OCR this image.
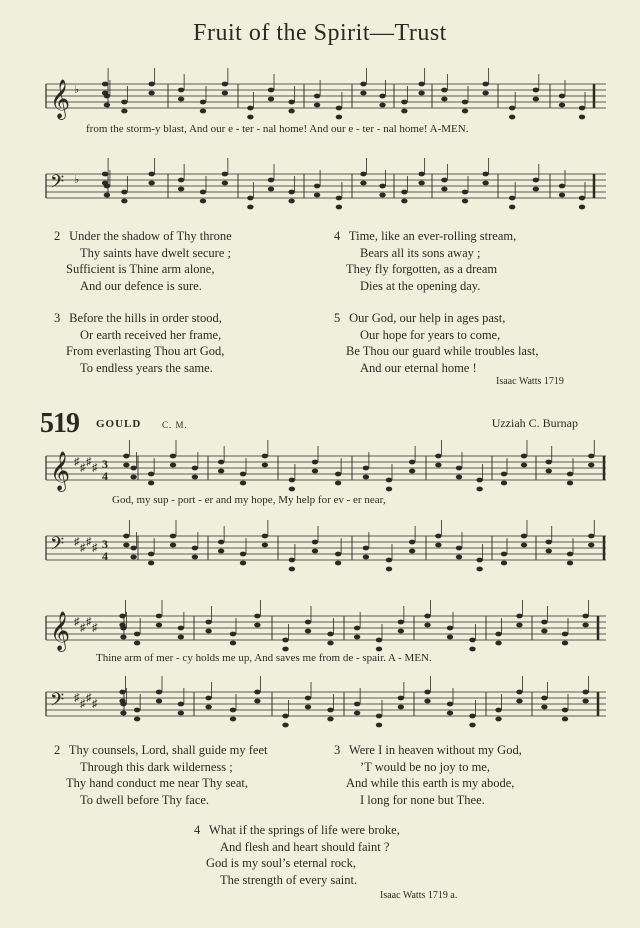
Fruit of the Spirit—Trust
𝄞 ♭
from the storm-y blast, And our e - ter - nal home! And our e - ter - nal home! A-MEN.
𝄢 ♭
2 Under the shadow of Thy throne
Thy saints have dwelt secure ;
Sufficient is Thine arm alone,
And our defence is sure.
3 Before the hills in order stood,
Or earth received her frame,
From everlasting Thou art God,
To endless years the same.
4 Time, like an ever-rolling stream,
Bears all its sons away ;
They fly forgotten, as a dream
Dies at the opening day.
5 Our God, our help in ages past,
Our hope for years to come,
Be Thou our guard while troubles last,
And our eternal home !
Isaac Watts 1719
519 GOULD C. M.	Uzziah C. Burnap
𝄞 ♯ ♯ ♯ ♯ 3
4
God, my sup - port - er and my hope, My help for ev - er near,
𝄢 ♯ ♯ ♯ ♯ 3
4
𝄞 ♯ ♯ ♯ ♯
Thine arm of mer - cy holds me up, And saves me from de - spair. A - MEN.
𝄢 ♯ ♯ ♯ ♯
2 Thy counsels, Lord, shall guide my feet
Through this dark wilderness ;
Thy hand conduct me near Thy seat,
To dwell before Thy face.
3 Were I in heaven without my God,
’T would be no joy to me,
And while this earth is my abode,
I long for none but Thee.
4 What if the springs of life were broke,
And flesh and heart should faint ?
God is my soul’s eternal rock,
The strength of every saint.
Isaac Watts 1719 a.
